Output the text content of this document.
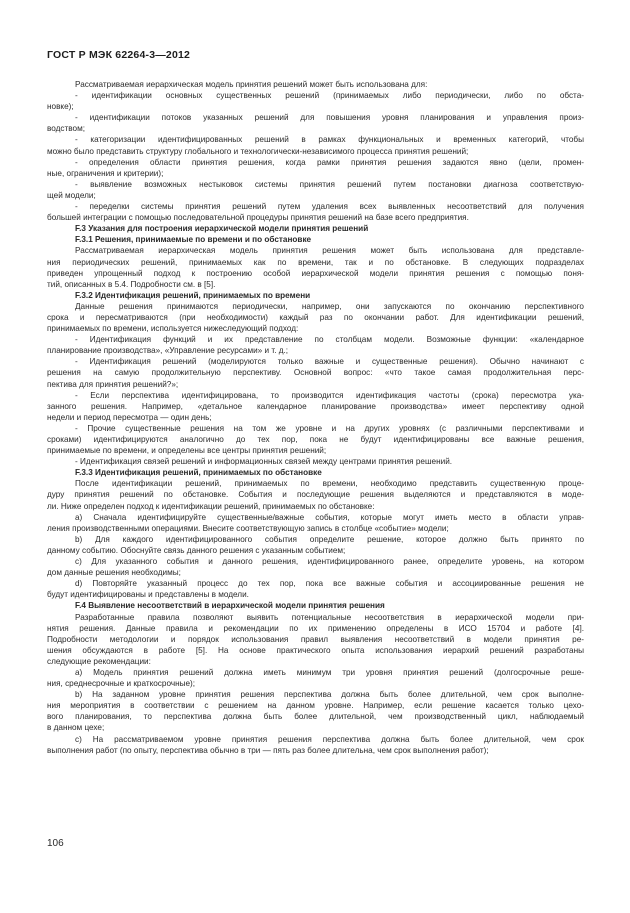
ГОСТ Р МЭК 62264-3—2012
Рассматриваемая иерархическая модель принятия решений может быть использована для:
- идентификации основных существенных решений (принимаемых либо периодически, либо по обста-
новке);
- идентификации потоков указанных решений для повышения уровня планирования и управления произ-
водством;
- категоризации идентифицированных решений в рамках функциональных и временных категорий, чтобы
можно было представить структуру глобального и технологически-независимого процесса принятия решений;
- определения области принятия решения, когда рамки принятия решения задаются явно (цели, промен-
ные, ограничения и критерии);
- выявление возможных нестыковок системы принятия решений путем постановки диагноза соответствую-
щей модели;
- переделки системы принятия решений путем удаления всех выявленных несоответствий для получения
большей интеграции с помощью последовательной процедуры принятия решений на базе всего предприятия.
F.3 Указания для построения иерархической модели принятия решений
F.3.1 Решения, принимаемые по времени и по обстановке
Рассматриваемая иерархическая модель принятия решения может быть использована для представле-
ния периодических решений, принимаемых как по времени, так и по обстановке. В следующих подразделах
приведен упрощенный подход к построению особой иерархической модели принятия решения с помощью поня-
тий, описанных в 5.4. Подробности см. в [5].
F.3.2 Идентификация решений, принимаемых по времени
Данные решения принимаются периодически, например, они запускаются по окончанию перспективного
срока и пересматриваются (при необходимости) каждый раз по окончании работ. Для идентификации решений,
принимаемых по времени, используется нижеследующий подход:
- Идентификация функций и их представление по столбцам модели. Возможные функции: «календарное
планирование производства», «Управление ресурсами» и т. д.;
- Идентификация решений (моделируются только важные и существенные решения). Обычно начинают с
решения на самую продолжительную перспективу. Основной вопрос: «что такое самая продолжительная перс-
пектива для принятия решений?»;
- Если перспектива идентифицирована, то производится идентификация частоты (срока) пересмотра ука-
занного решения. Например, «детальное календарное планирование производства» имеет перспективу одной
недели и период пересмотра — один день;
- Прочие существенные решения на том же уровне и на других уровнях (с различными перспективами и
сроками) идентифицируются аналогично до тех пор, пока не будут идентифицированы все важные решения,
принимаемые по времени, и определены все центры принятия решений;
- Идентификация связей решений и информационных связей между центрами принятия решений.
F.3.3 Идентификация решений, принимаемых по обстановке
После идентификации решений, принимаемых по времени, необходимо представить существенную проце-
дуру принятия решений по обстановке. События и последующие решения выделяются и представляются в моде-
ли. Ниже определен подход к идентификации решений, принимаемых по обстановке:
а) Сначала идентифицируйте существенные/важные события, которые могут иметь место в области управ-
ления производственными операциями. Внесите соответствующую запись в столбце «событие» модели;
b) Для каждого идентифицированного события определите решение, которое должно быть принято по
данному событию. Обоснуйте связь данного решения с указанным событием;
c) Для указанного события и данного решения, идентифицированного ранее, определите уровень, на котором
дом данные решения необходимы;
d) Повторяйте указанный процесс до тех пор, пока все важные события и ассоциированные решения не
будут идентифицированы и представлены в модели.
F.4 Выявление несоответствий в иерархической модели принятия решения
Разработанные правила позволяют выявить потенциальные несоответствия в иерархической модели при-
нятия решения. Данные правила и рекомендации по их применению определены в ИСО 15704 и работе [4].
Подробности методологии и порядок использования правил выявления несоответствий в модели принятия ре-
шения обсуждаются в работе [5]. На основе практического опыта использования иерархий решений разработаны
следующие рекомендации:
а) Модель принятия решений должна иметь минимум три уровня принятия решений (долгосрочные реше-
ния, среднесрочные и краткосрочные);
b) На заданном уровне принятия решения перспектива должна быть более длительной, чем срок выполне-
ния мероприятия в соответствии с решением на данном уровне. Например, если решение касается только цехо-
вого планирования, то перспектива должна быть более длительной, чем производственный цикл, наблюдаемый
в данном цехе;
c) На рассматриваемом уровне принятия решения перспектива должна быть более длительной, чем срок
выполнения работ (по опыту, перспектива обычно в три — пять раз более длительна, чем срок выполнения работ);
106
